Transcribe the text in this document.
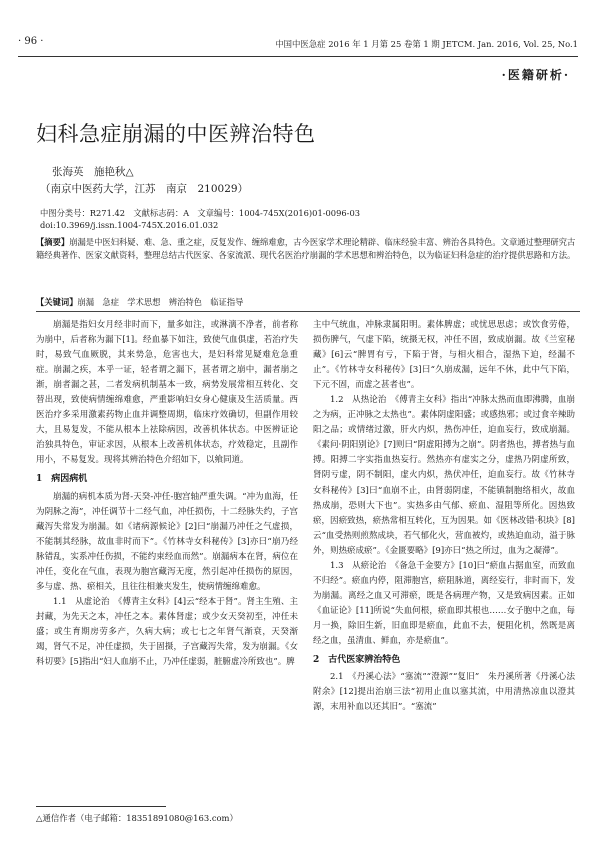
· 96 ·	中国中医急症 2016 年 1 月第 25 卷第 1 期 JETCM. Jan. 2016, Vol. 25, No.1
·医籍研析·
妇科急症崩漏的中医辨治特色
张海英　施艳秋△
（南京中医药大学，江苏　南京　210029）
中图分类号：R271.42　文献标志码：A　文章编号：1004-745X(2016)01-0096-03
doi:10.3969/j.issn.1004-745X.2016.01.032
【摘要】崩漏是中医妇科疑、难、急、重之症，反复发作、缠绵难愈，古今医家学术理论精辟、临床经验丰富、辨治各具特色。文章通过整理研究古籍经典著作、医家文献资料，整理总结古代医家、各家流派、现代名医治疗崩漏的学术思想和辨治特色，以为临证妇科急症的治疗提供思路和方法。
【关键词】崩漏　急症　学术思想　辨治特色　临证指导

崩漏是指妇女月经非时而下，量多如注，或淋漓不净者，前者称为崩中，后者称为漏下[1]。经血暴下如注，致使气血俱虚，若治疗失时，易致气血厥脱，其来势急，危害也大，是妇科常见疑难危急重症。崩漏之疾，本乎一证，轻者谓之漏下，甚者谓之崩中，漏者崩之渐，崩者漏之甚，二者发病机制基本一致，病势发展常相互转化、交替出现，致使病情缠绵难愈，严重影响妇女身心健康及生活质量。西医治疗多采用激素药物止血并调整周期，临床疗效确切，但副作用较大，且易复发，不能从根本上祛除病因，改善机体状态。中医辨证论治独具特色，审证求因，从根本上改善机体状态，疗效稳定，且副作用小，不易复发。现将其辨治特色介绍如下，以飨同道。

1　病因病机

崩漏的病机本质为肾-天癸-冲任-胞宫轴严重失调。“冲为血海，任为阴脉之海”，冲任调节十二经气血，冲任损伤，十二经脉失约，子宫藏泻失常发为崩漏。如《诸病源候论》[2]曰“崩漏乃冲任之气虚损，不能制其经脉，故血非时而下”。《竹林寺女科秘传》[3]亦曰“崩乃经脉错乱，实系冲任伤损，不能约束经血而然”。崩漏病本在肾，病位在冲任，变化在气血，表现为胞宫藏泻无度，然引起冲任损伤的原因，多与虚、热、瘀相关，且往往相兼夹发生，使病情缠绵难愈。

1.1　从虚论治　《傅青主女科》[4]云“经本于肾”。肾主生殖、主封藏，为先天之本，冲任之本。素体肾虚；或少女天癸初至，冲任未盛；或生育期房劳多产，久病大病；或七七之年肾气渐衰，天癸渐竭，肾气不足，冲任虚损，失于固摄，子宫藏泻失常，发为崩漏。《女科切要》[5]指出“妇人血崩不止，乃冲任虚弱，脏腑虚冷所致也”。脾

主中气统血，冲脉隶属阳明。素体脾虚；或忧思思虑；或饮食劳倦，损伤脾气，气虚下陷，统摄无权，冲任不固，致成崩漏。故《兰室秘藏》[6]云“脾胃有亏，下陷于肾，与相火相合，湿热下迫，经漏不止”。《竹林寺女科秘传》[3]曰“久崩成漏，远年不休，此中气下陷，下元不固，而虚之甚者也”。

1.2　从热论治　《傅青主女科》指出“冲脉太热而血即沸腾，血崩之为病，正冲脉之太热也”。素体阴虚阳盛；或感热邪；或过食辛辣助阳之品；或情绪过激，肝火内炽，热伤冲任，迫血妄行，致成崩漏。《素问·阴阳别论》[7]则曰“阴虚阳搏为之崩”。阴者热也，搏者热与血搏。阳搏二字实指血热妄行。然热亦有虚实之分，虚热乃阴虚所致，肾阴亏虚，阴不制阳，虚火内炽，热伏冲任，迫血妄行。故《竹林寺女科秘传》[3]曰“血崩不止，由肾弱阴虚，不能镇制胞络相火，故血热成崩，恐则大下也”。实热多由气郁、瘀血、湿阻等所化。因热致瘀，因瘀致热，瘀热常相互转化，互为因果。如《医林改错·积块》[8]云“血受热则煎熬成块，若气郁化火，营血被灼，或热迫血动，溢于脉外，则热瘀成瘀”。《金匮要略》[9]亦曰“热之所过，血为之凝滞”。

1.3　从瘀论治　《备急千金要方》[10]曰“瘀血占据血室，而致血不归经”。瘀血内停，阻滞胞宫，瘀阻脉道，离经妄行，非时而下，发为崩漏。离经之血又可滞瘀，既是各病理产物，又是致病因素。正如《血证论》[11]所说“失血何根，瘀血即其根也……女子胞中之血，每月一换，除旧生新，旧血即是瘀血，此血不去，便阻化机，然既是离经之血，虽清血、鲜血，亦是瘀血”。

2　古代医家辨治特色

2.1　《丹溪心法》“塞流”“澄源”“复旧”　朱丹溪所著《丹溪心法附余》[12]提出治崩三法“初用止血以塞其流，中用清热凉血以澄其源，末用补血以还其旧”。“塞流”

△通信作者（电子邮箱：18351891080@163.com）
